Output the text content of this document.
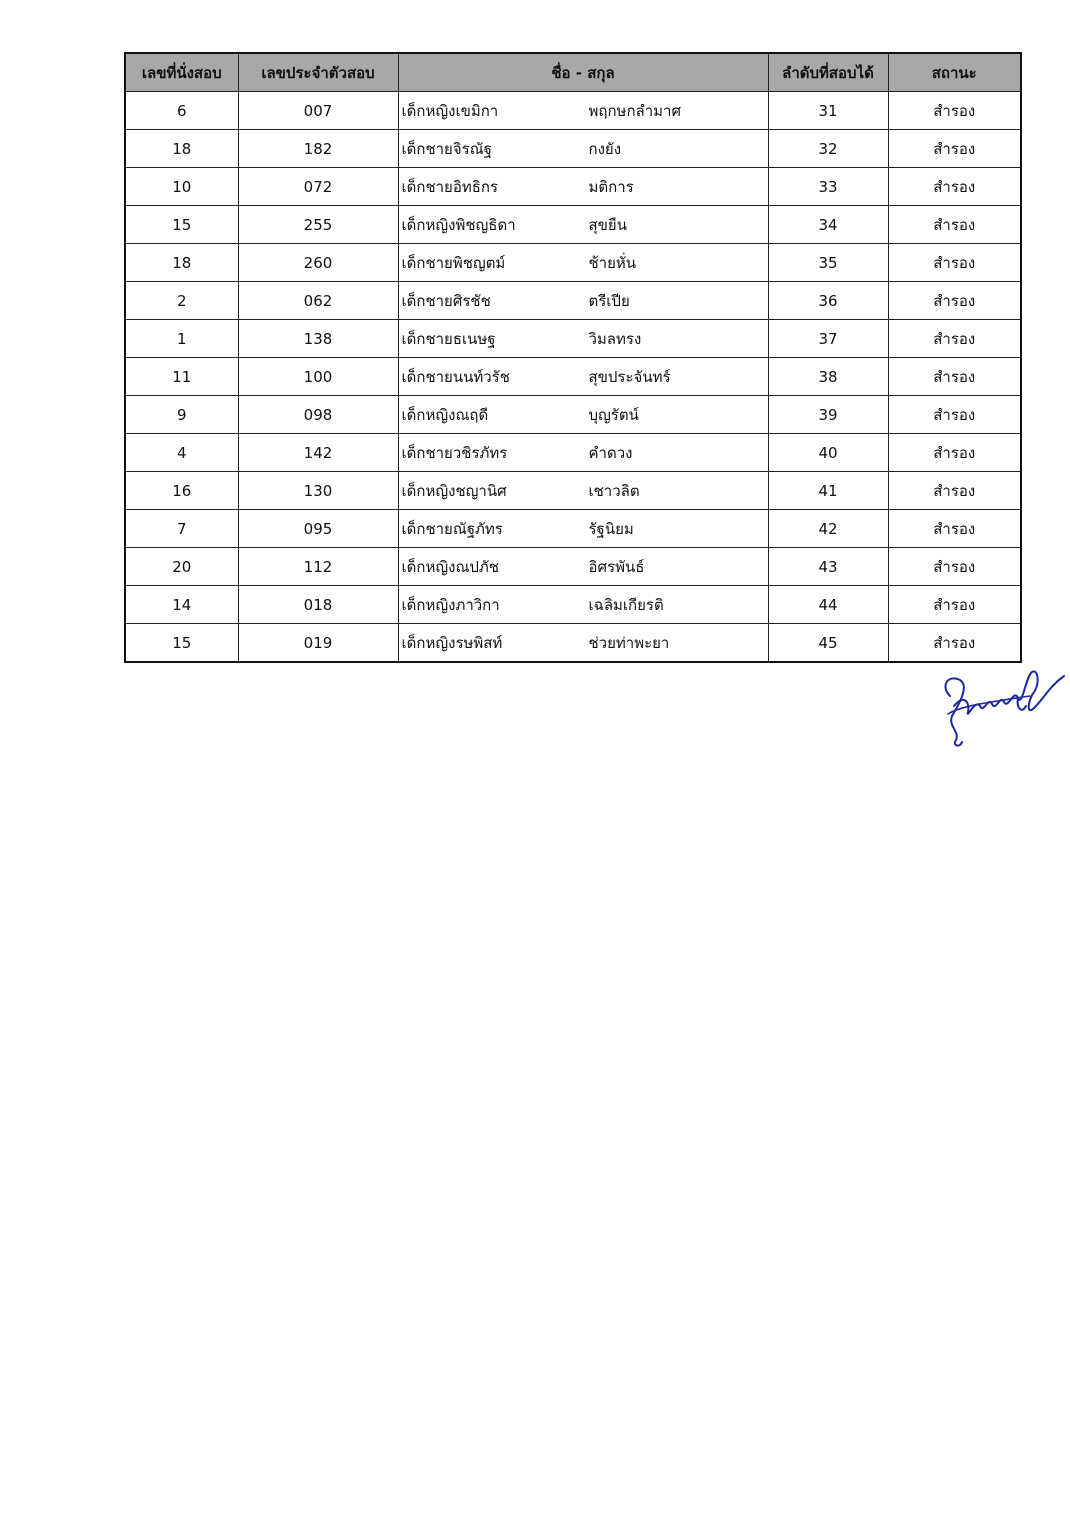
เลขที่นั่งสอบ	เลขประจำตัวสอบ	ชื่อ - สกุล	ลำดับที่สอบได้	สถานะ
6	007	เด็กหญิงเขมิกา พฤกษกลำมาศ	31	สำรอง
18	182	เด็กชายจิรณัฐ กงยัง	32	สำรอง
10	072	เด็กชายอิทธิกร มติการ	33	สำรอง
15	255	เด็กหญิงพิชญธิดา สุขยืน	34	สำรอง
18	260	เด็กชายพิชญตม์ ช้ายหั่น	35	สำรอง
2	062	เด็กชายศิรชัช ตรีเปีย	36	สำรอง
1	138	เด็กชายธเนษฐ วิมลทรง	37	สำรอง
11	100	เด็กชายนนท์วรัช สุขประจันทร์	38	สำรอง
9	098	เด็กหญิงณฤดี บุญรัตน์	39	สำรอง
4	142	เด็กชายวชิรภัทร คำดวง	40	สำรอง
16	130	เด็กหญิงชญานิศ เชาวลิต	41	สำรอง
7	095	เด็กชายณัฐภัทร รัฐนิยม	42	สำรอง
20	112	เด็กหญิงณปภัช อิศรพันธ์	43	สำรอง
14	018	เด็กหญิงภาวิกา เฉลิมเกียรติ	44	สำรอง
15	019	เด็กหญิงรษพิสท์ ช่วยท่าพะยา	45	สำรอง
